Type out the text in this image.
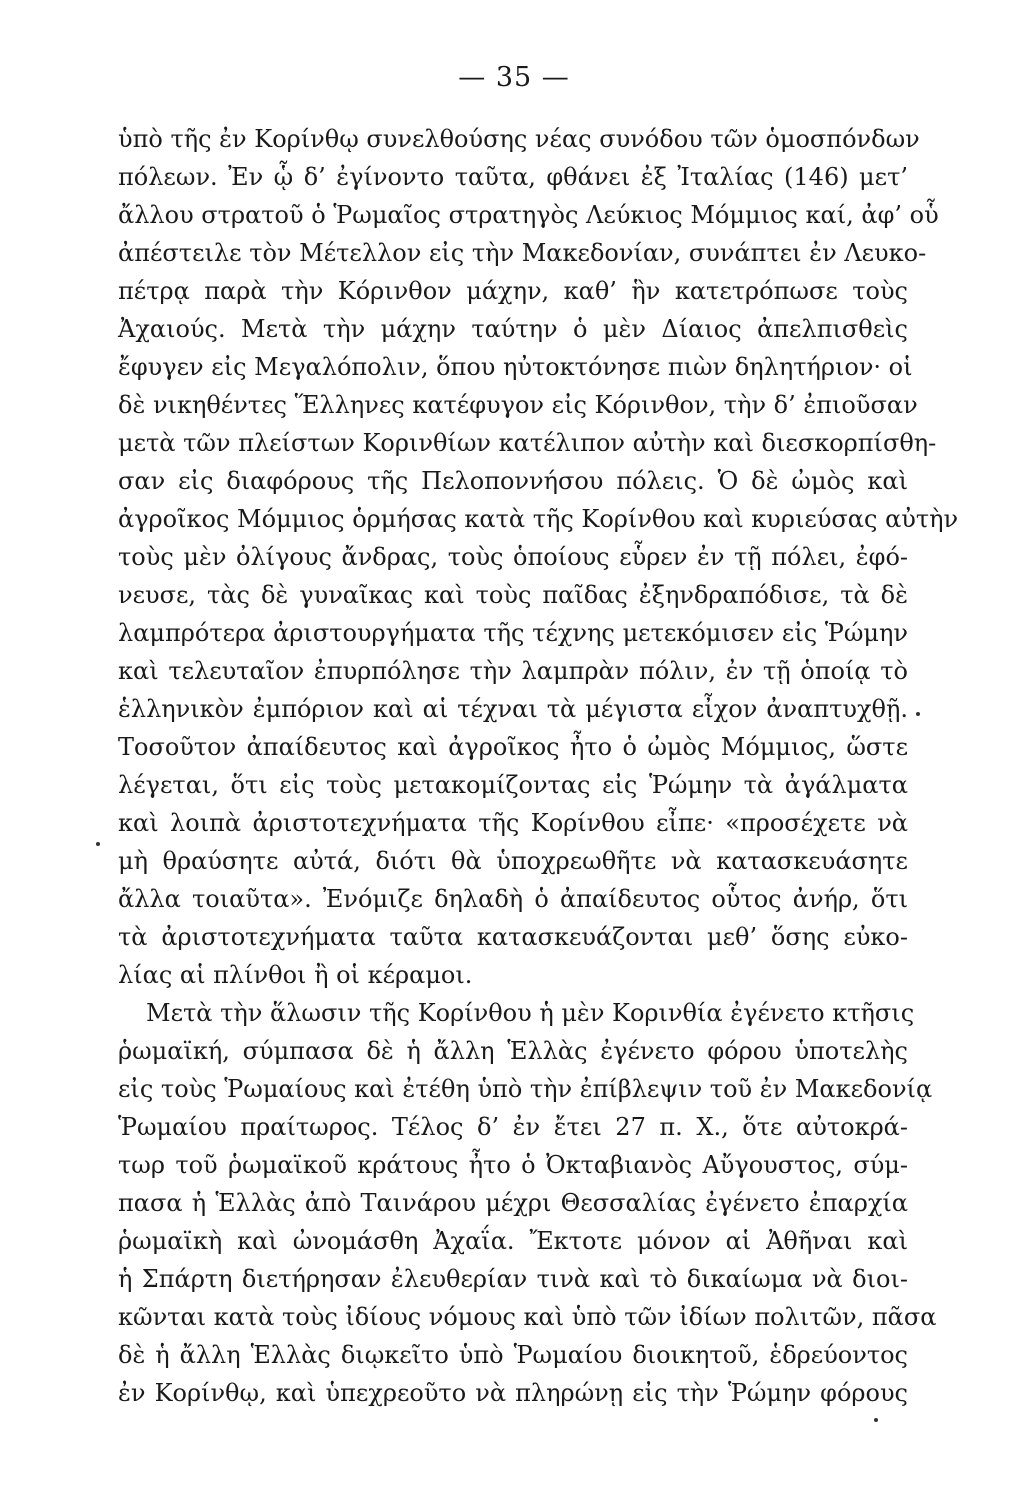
— 35 —
ὑπὸ τῆς ἐν Κορίνθῳ συνελθούσης νέας συνόδου τῶν ὁμοσπόνδων
πόλεων. Ἐν ᾧ δ’ ἐγίνοντο ταῦτα, φθάνει ἐξ Ἰταλίας (146) μετ’
ἄλλου στρατοῦ ὁ Ῥωμαῖος στρατηγὸς Λεύκιος Μόμμιος καί, ἀφ’ οὗ
ἀπέστειλε τὸν Μέτελλον εἰς τὴν Μακεδονίαν, συνάπτει ἐν Λευκο-
πέτρᾳ παρὰ τὴν Κόρινθον μάχην, καθ’ ἣν κατετρόπωσε τοὺς
Ἀχαιούς. Μετὰ τὴν μάχην ταύτην ὁ μὲν Δίαιος ἀπελπισθεὶς
ἔφυγεν εἰς Μεγαλόπολιν, ὅπου ηὐτοκτόνησε πιὼν δηλητήριον· οἱ
δὲ νικηθέντες Ἕλληνες κατέφυγον εἰς Κόρινθον, τὴν δ’ ἐπιοῦσαν
μετὰ τῶν πλείστων Κορινθίων κατέλιπον αὐτὴν καὶ διεσκορπίσθη-
σαν εἰς διαφόρους τῆς Πελοποννήσου πόλεις. Ὁ δὲ ὠμὸς καὶ
ἀγροῖκος Μόμμιος ὁρμήσας κατὰ τῆς Κορίνθου καὶ κυριεύσας αὐτὴν
τοὺς μὲν ὀλίγους ἄνδρας, τοὺς ὁποίους εὗρεν ἐν τῇ πόλει, ἐφό-
νευσε, τὰς δὲ γυναῖκας καὶ τοὺς παῖδας ἐξηνδραπόδισε, τὰ δὲ
λαμπρότερα ἀριστουργήματα τῆς τέχνης μετεκόμισεν εἰς Ῥώμην
καὶ τελευταῖον ἐπυρπόλησε τὴν λαμπρὰν πόλιν, ἐν τῇ ὁποίᾳ τὸ
ἑλληνικὸν ἐμπόριον καὶ αἱ τέχναι τὰ μέγιστα εἶχον ἀναπτυχθῇ.
Τοσοῦτον ἀπαίδευτος καὶ ἀγροῖκος ἦτο ὁ ὠμὸς Μόμμιος, ὥστε
λέγεται, ὅτι εἰς τοὺς μετακομίζοντας εἰς Ῥώμην τὰ ἀγάλματα
καὶ λοιπὰ ἀριστοτεχνήματα τῆς Κορίνθου εἶπε· «προσέχετε νὰ
μὴ θραύσητε αὐτά, διότι θὰ ὑποχρεωθῆτε νὰ κατασκευάσητε
ἄλλα τοιαῦτα». Ἐνόμιζε δηλαδὴ ὁ ἀπαίδευτος οὗτος ἀνήρ, ὅτι
τὰ ἀριστοτεχνήματα ταῦτα κατασκευάζονται μεθ’ ὅσης εὐκο-
λίας αἱ πλίνθοι ἢ οἱ κέραμοι.
Μετὰ τὴν ἅλωσιν τῆς Κορίνθου ἡ μὲν Κορινθία ἐγένετο κτῆσις
ῥωμαϊκή, σύμπασα δὲ ἡ ἄλλη Ἑλλὰς ἐγένετο φόρου ὑποτελὴς
εἰς τοὺς Ῥωμαίους καὶ ἐτέθη ὑπὸ τὴν ἐπίβλεψιν τοῦ ἐν Μακεδονίᾳ
Ῥωμαίου πραίτωρος. Τέλος δ’ ἐν ἔτει 27 π. Χ., ὅτε αὐτοκρά-
τωρ τοῦ ῥωμαϊκοῦ κράτους ἦτο ὁ Ὀκταβιανὸς Αὔγουστος, σύμ-
πασα ἡ Ἑλλὰς ἀπὸ Ταινάρου μέχρι Θεσσαλίας ἐγένετο ἐπαρχία
ῥωμαϊκὴ καὶ ὠνομάσθη Ἀχαΐα. Ἔκτοτε μόνον αἱ Ἀθῆναι καὶ
ἡ Σπάρτη διετήρησαν ἐλευθερίαν τινὰ καὶ τὸ δικαίωμα νὰ διοι-
κῶνται κατὰ τοὺς ἰδίους νόμους καὶ ὑπὸ τῶν ἰδίων πολιτῶν, πᾶσα
δὲ ἡ ἄλλη Ἑλλὰς διῳκεῖτο ὑπὸ Ῥωμαίου διοικητοῦ, ἑδρεύοντος
ἐν Κορίνθῳ, καὶ ὑπεχρεοῦτο νὰ πληρώνῃ εἰς τὴν Ῥώμην φόρους
